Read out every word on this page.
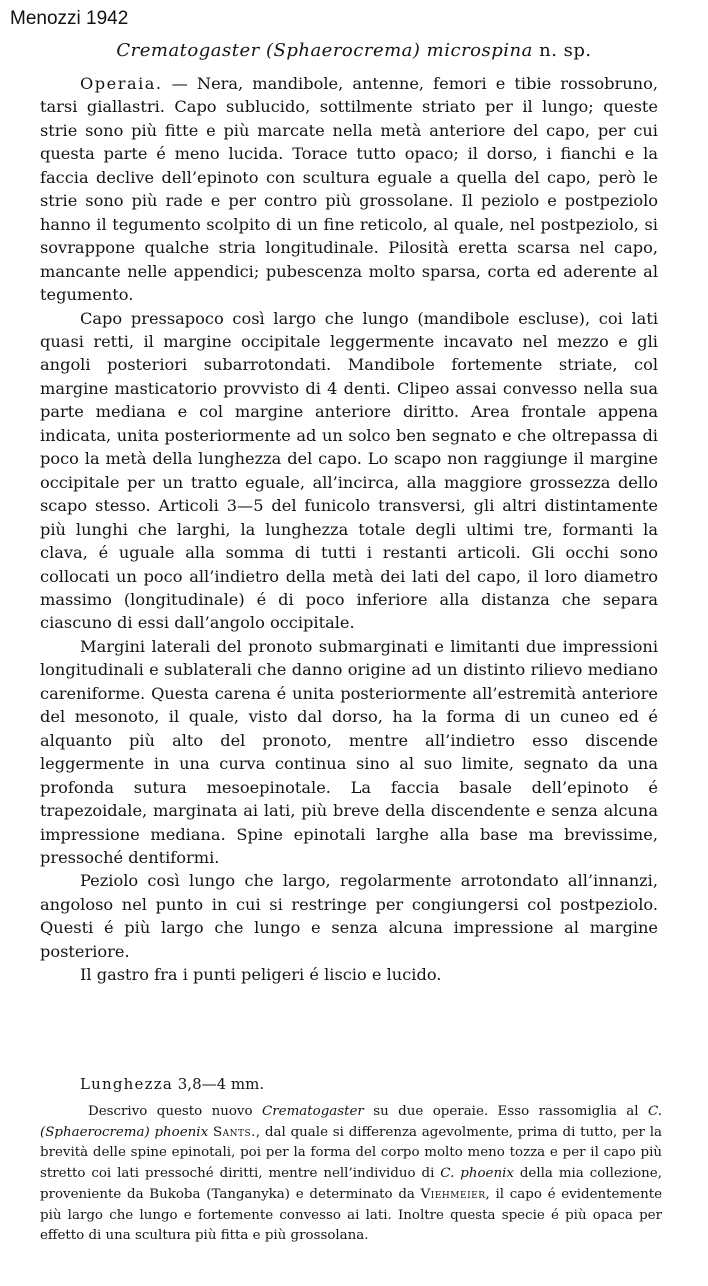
Menozzi 1942
Crematogaster (Sphaerocrema) microspina n. sp.

Operaia. — Nera, mandibole, antenne, femori e tibie rossobruno, tarsi giallastri. Capo sublucido, sottilmente striato per il lungo; queste strie sono più fitte e più marcate nella metà anteriore del capo, per cui questa parte é meno lucida. Torace tutto opaco; il dorso, i fianchi e la faccia declive dell’epinoto con scultura eguale a quella del capo, però le strie sono più rade e per contro più grossolane. Il peziolo e postpeziolo hanno il tegumento scolpito di un fine reticolo, al quale, nel postpeziolo, si sovrappone qualche stria longitudinale. Pilosità eretta scarsa nel capo, mancante nelle appendici; pubescenza molto sparsa, corta ed aderente al tegumento.

Capo pressapoco così largo che lungo (mandibole escluse), coi lati quasi retti, il margine occipitale leggermente incavato nel mezzo e gli angoli posteriori subarrotondati. Mandibole fortemente striate, col margine masticatorio provvisto di 4 denti. Clipeo assai convesso nella sua parte mediana e col margine anteriore diritto. Area frontale appena indicata, unita posteriormente ad un solco ben segnato e che oltrepassa di poco la metà della lunghezza del capo. Lo scapo non raggiunge il margine occipitale per un tratto eguale, all’incirca, alla maggiore grossezza dello scapo stesso. Articoli 3—5 del funicolo transversi, gli altri distintamente più lunghi che larghi, la lunghezza totale degli ultimi tre, formanti la clava, é uguale alla somma di tutti i restanti articoli. Gli occhi sono collocati un poco all’indietro della metà dei lati del capo, il loro diametro massimo (longitudinale) é di poco inferiore alla distanza che separa ciascuno di essi dall’angolo occipitale.

Margini laterali del pronoto submarginati e limitanti due impressioni longitudinali e sublaterali che danno origine ad un distinto rilievo mediano careniforme. Questa carena é unita posteriormente all’estremità anteriore del mesonoto, il quale, visto dal dorso, ha la forma di un cuneo ed é alquanto più alto del pronoto, mentre all’indietro esso discende leggermente in una curva continua sino al suo limite, segnato da una profonda sutura mesoepinotale. La faccia basale dell’epinoto é trapezoidale, marginata ai lati, più breve della discendente e senza alcuna impressione mediana. Spine epinotali larghe alla base ma brevissime, pressoché dentiformi.

Peziolo così lungo che largo, regolarmente arrotondato all’innanzi, angoloso nel punto in cui si restringe per congiungersi col postpeziolo. Questi é più largo che lungo e senza alcuna impressione al margine posteriore.

Il gastro fra i punti peligeri é liscio e lucido.

Lunghezza 3,8—4 mm.

Descrivo questo nuovo Crematogaster su due operaie. Esso rassomiglia al C. (Sphaerocrema) phoenix Sants., dal quale si differenza agevolmente, prima di tutto, per la brevità delle spine epinotali, poi per la forma del corpo molto meno tozza e per il capo più stretto coi lati pressoché diritti, mentre nell’individuo di C. phoenix della mia collezione, proveniente da Bukoba (Tanganyka) e determinato da Viehmeier, il capo é evidentemente più largo che lungo e fortemente convesso ai lati. Inoltre questa specie é più opaca per effetto di una scultura più fitta e più grossolana.
